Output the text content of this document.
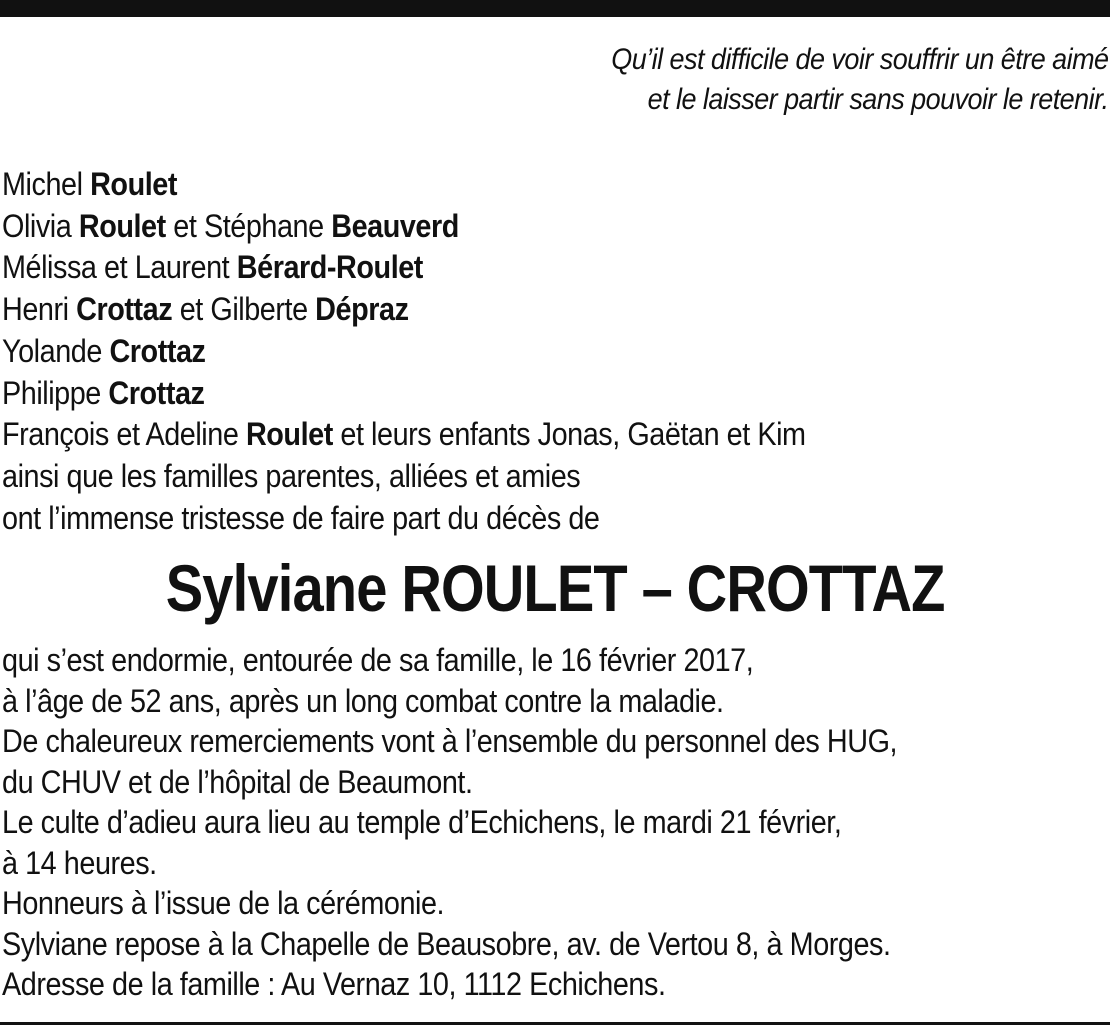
Qu’il est difficile de voir souffrir un être aimé
et le laisser partir sans pouvoir le retenir.
Michel Roulet
Olivia Roulet et Stéphane Beauverd
Mélissa et Laurent Bérard-Roulet
Henri Crottaz et Gilberte Dépraz
Yolande Crottaz
Philippe Crottaz
François et Adeline Roulet et leurs enfants Jonas, Gaëtan et Kim
ainsi que les familles parentes, alliées et amies
ont l’immense tristesse de faire part du décès de
Sylviane ROULET – CROTTAZ
qui s’est endormie, entourée de sa famille, le 16 février 2017,
à l’âge de 52 ans, après un long combat contre la maladie.
De chaleureux remerciements vont à l’ensemble du personnel des HUG,
du CHUV et de l’hôpital de Beaumont.
Le culte d’adieu aura lieu au temple d’Echichens, le mardi 21 février,
à 14 heures.
Honneurs à l’issue de la cérémonie.
Sylviane repose à la Chapelle de Beausobre, av. de Vertou 8, à Morges.
Adresse de la famille : Au Vernaz 10, 1112 Echichens.
